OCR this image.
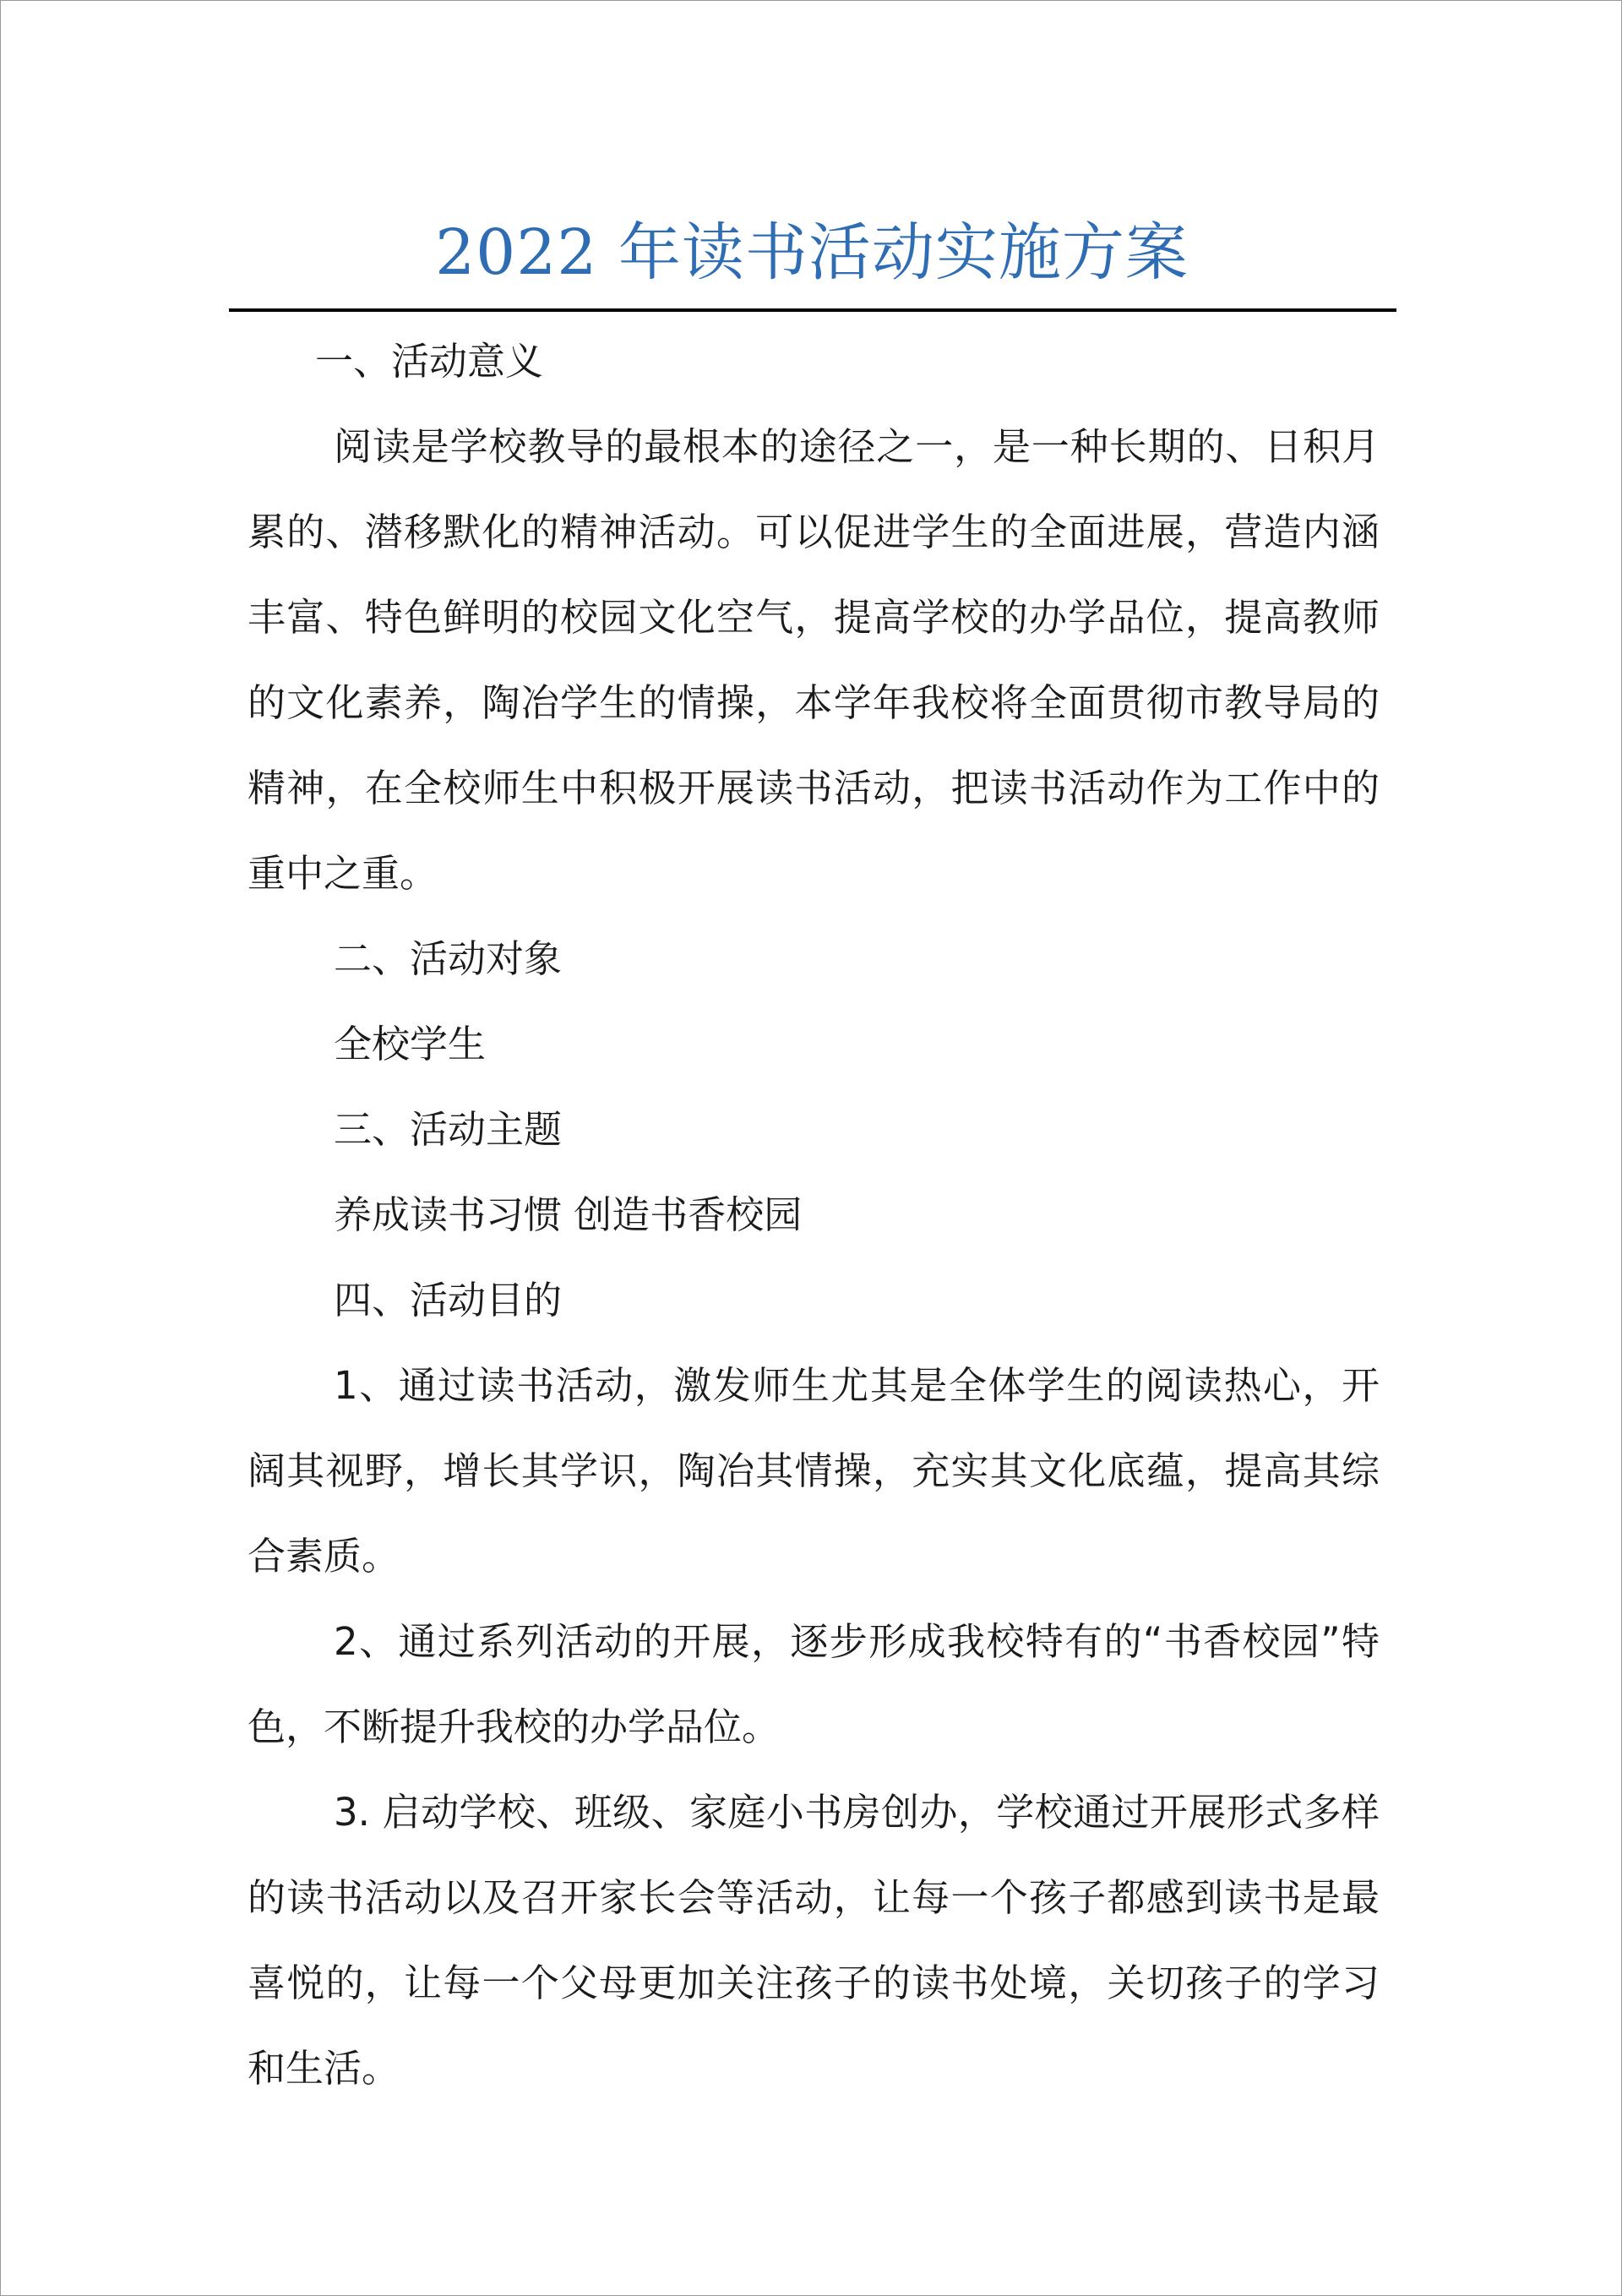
2022 年读书活动实施方案

一、活动意义

阅读是学校教导的最根本的途径之一，是一种长期的、日积月累的、潜移默化的精神活动。可以促进学生的全面进展，营造内涵丰富、特色鲜明的校园文化空气，提高学校的办学品位，提高教师的文化素养，陶冶学生的情操，本学年我校将全面贯彻市教导局的精神，在全校师生中积极开展读书活动，把读书活动作为工作中的重中之重。

二、活动对象

全校学生

三、活动主题

养成读书习惯 创造书香校园

四、活动目的

1、通过读书活动，激发师生尤其是全体学生的阅读热心，开阔其视野，增长其学识，陶冶其情操，充实其文化底蕴，提高其综合素质。

2、通过系列活动的开展，逐步形成我校特有的“书香校园”特色，不断提升我校的办学品位。

3. 启动学校、班级、家庭小书房创办，学校通过开展形式多样的读书活动以及召开家长会等活动，让每一个孩子都感到读书是最喜悦的，让每一个父母更加关注孩子的读书处境，关切孩子的学习和生活。
